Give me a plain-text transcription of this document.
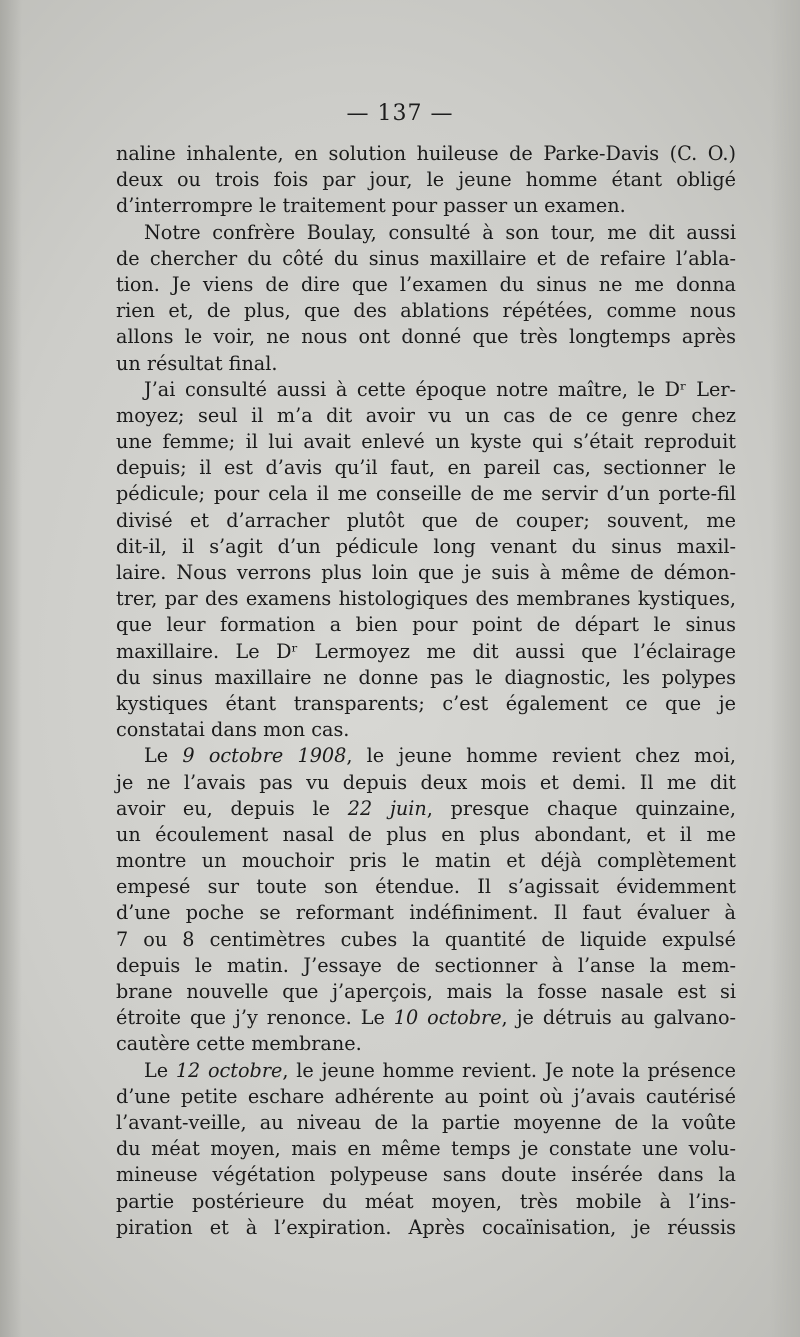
— 137 —
naline inhalente, en solution huileuse de Parke-Davis (C. O.)
deux ou trois fois par jour, le jeune homme étant obligé
d’interrompre le traitement pour passer un examen.
Notre confrère Boulay, consulté à son tour, me dit aussi
de chercher du côté du sinus maxillaire et de refaire l’abla-
tion. Je viens de dire que l’examen du sinus ne me donna
rien et, de plus, que des ablations répétées, comme nous
allons le voir, ne nous ont donné que très longtemps après
un résultat final.
J’ai consulté aussi à cette époque notre maître, le Dʳ Ler-
moyez; seul il m’a dit avoir vu un cas de ce genre chez
une femme; il lui avait enlevé un kyste qui s’était reproduit
depuis; il est d’avis qu’il faut, en pareil cas, sectionner le
pédicule; pour cela il me conseille de me servir d’un porte-fil
divisé et d’arracher plutôt que de couper; souvent, me
dit-il, il s’agit d’un pédicule long venant du sinus maxil-
laire. Nous verrons plus loin que je suis à même de démon-
trer, par des examens histologiques des membranes kystiques,
que leur formation a bien pour point de départ le sinus
maxillaire. Le Dʳ Lermoyez me dit aussi que l’éclairage
du sinus maxillaire ne donne pas le diagnostic, les polypes
kystiques étant transparents; c’est également ce que je
constatai dans mon cas.
Le 9 octobre 1908, le jeune homme revient chez moi,
je ne l’avais pas vu depuis deux mois et demi. Il me dit
avoir eu, depuis le 22 juin, presque chaque quinzaine,
un écoulement nasal de plus en plus abondant, et il me
montre un mouchoir pris le matin et déjà complètement
empesé sur toute son étendue. Il s’agissait évidemment
d’une poche se reformant indéfiniment. Il faut évaluer à
7 ou 8 centimètres cubes la quantité de liquide expulsé
depuis le matin. J’essaye de sectionner à l’anse la mem-
brane nouvelle que j’aperçois, mais la fosse nasale est si
étroite que j’y renonce. Le 10 octobre, je détruis au galvano-
cautère cette membrane.
Le 12 octobre, le jeune homme revient. Je note la présence
d’une petite eschare adhérente au point où j’avais cautérisé
l’avant-veille, au niveau de la partie moyenne de la voûte
du méat moyen, mais en même temps je constate une volu-
mineuse végétation polypeuse sans doute insérée dans la
partie postérieure du méat moyen, très mobile à l’ins-
piration et à l’expiration. Après cocaïnisation, je réussis
